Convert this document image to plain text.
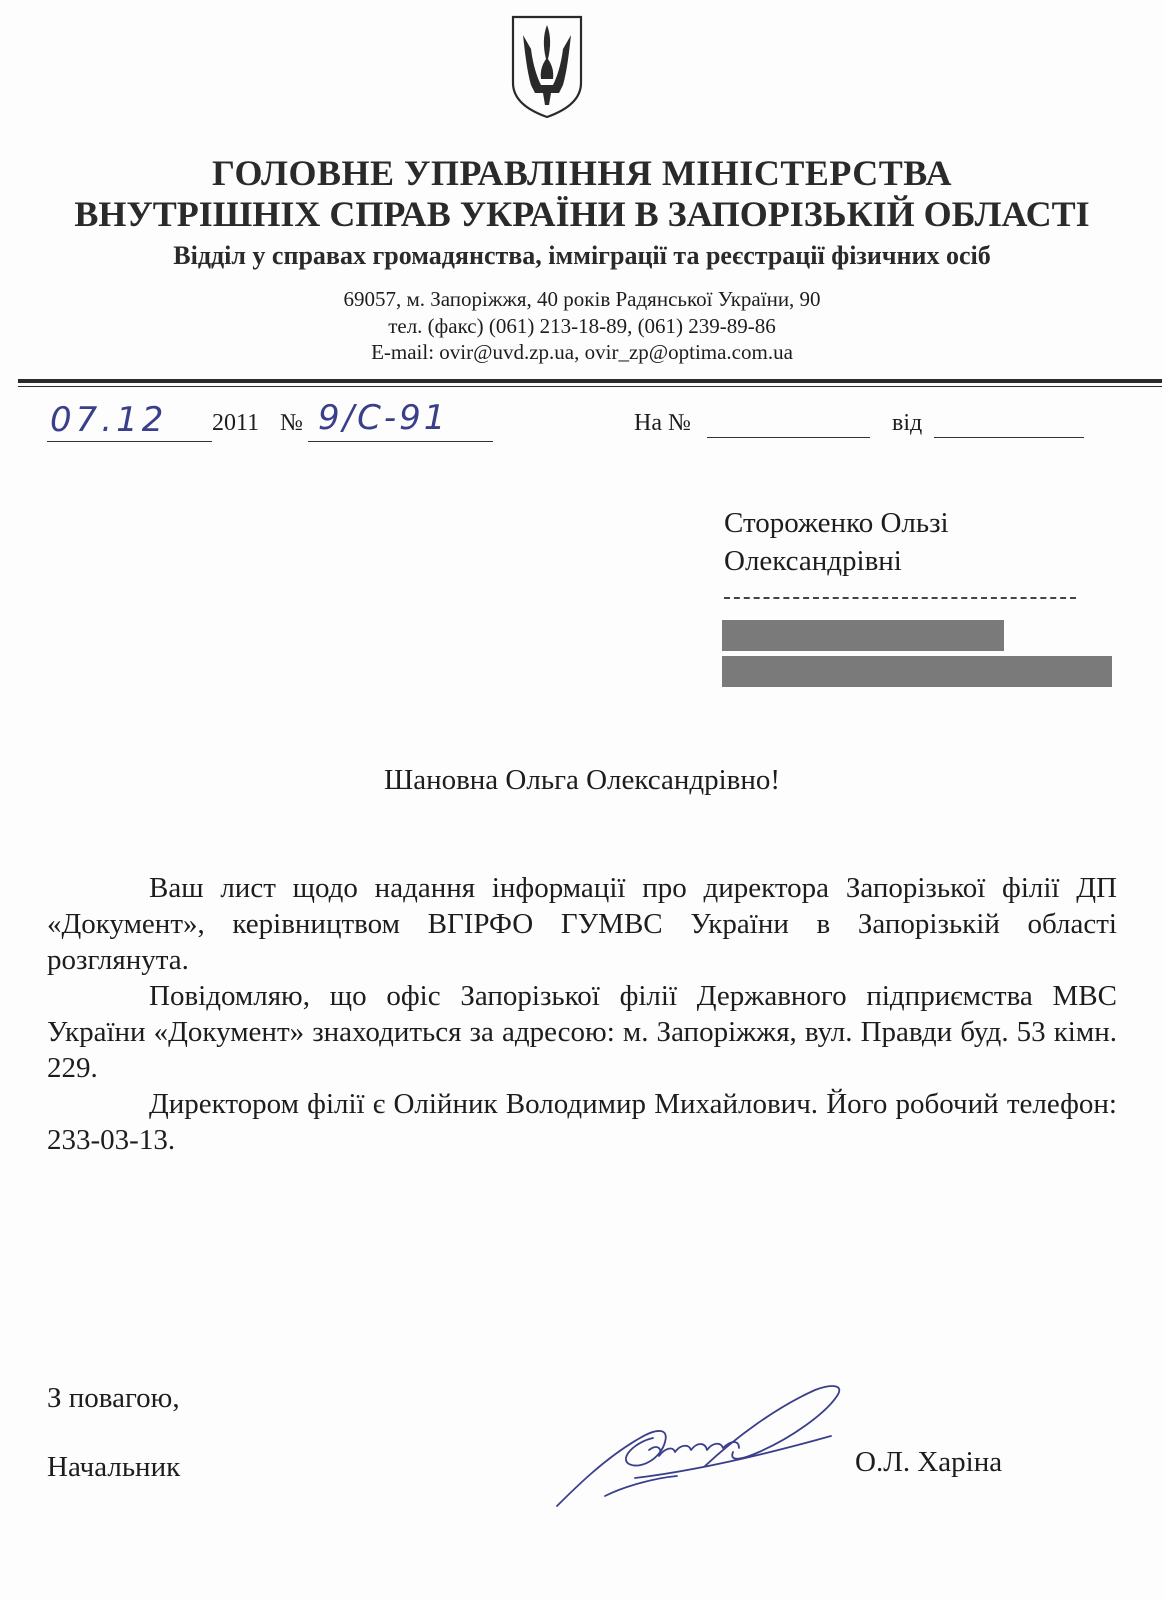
ГОЛОВНЕ УПРАВЛІННЯ МІНІСТЕРСТВА
ВНУТРІШНІХ СПРАВ УКРАЇНИ В ЗАПОРІЗЬКІЙ ОБЛАСТІ
Відділ у справах громадянства, імміграції та реєстрації фізичних осіб
69057, м. Запоріжжя, 40 років Радянської України, 90
тел. (факс) (061) 213-18-89, (061) 239-89-86
E-mail: ovir@uvd.zp.ua, ovir_zp@optima.com.ua
07.12 2011 № 9/С-91	На №	від
Стороженко Ользі
Олександрівні
Шановна Ольга Олександрівно!
Ваш лист щодо надання інформації про директора Запорізької філії ДП «Документ», керівництвом ВГІРФО ГУМВС України в Запорізькій області розглянута.
Повідомляю, що офіс Запорізької філії Державного підприємства МВС України «Документ» знаходиться за адресою: м. Запоріжжя, вул. Правди буд. 53 кімн. 229.
Директором філії є Олійник Володимир Михайлович. Його робочий телефон: 233-03-13.
З повагою,
Начальник	О.Л. Харіна
